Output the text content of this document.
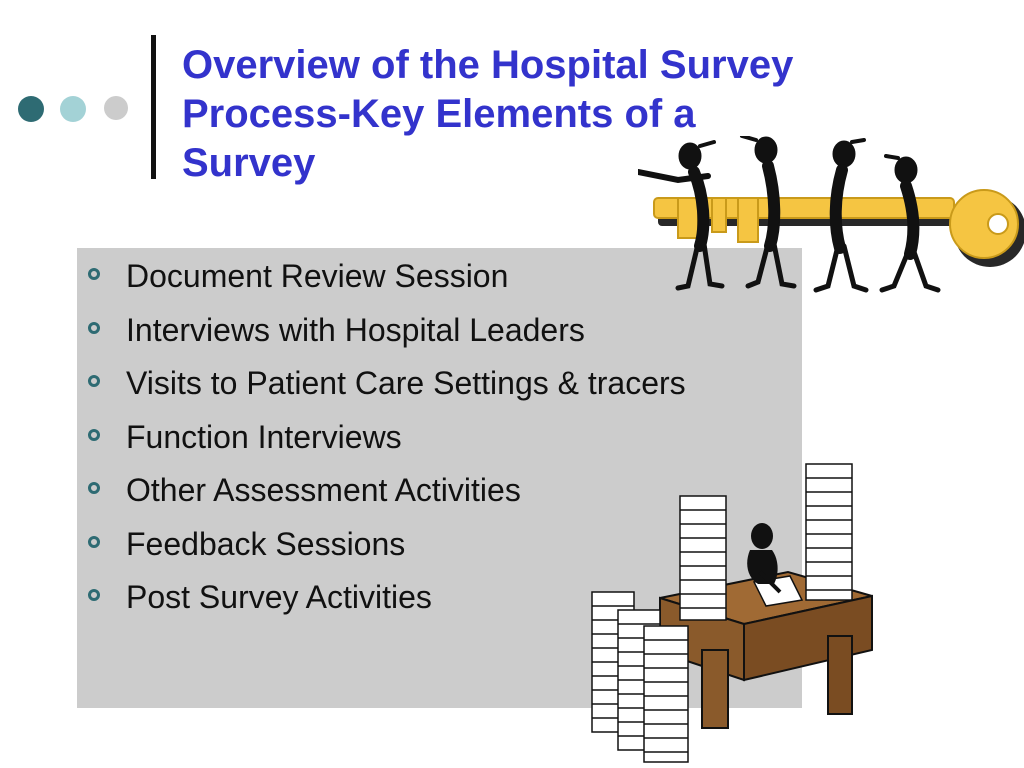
Overview of the Hospital Survey
Process-Key Elements of a
Survey
Document Review Session
Interviews with Hospital Leaders
Visits to Patient Care Settings & tracers
Function Interviews
Other Assessment Activities
Feedback Sessions
Post Survey Activities
